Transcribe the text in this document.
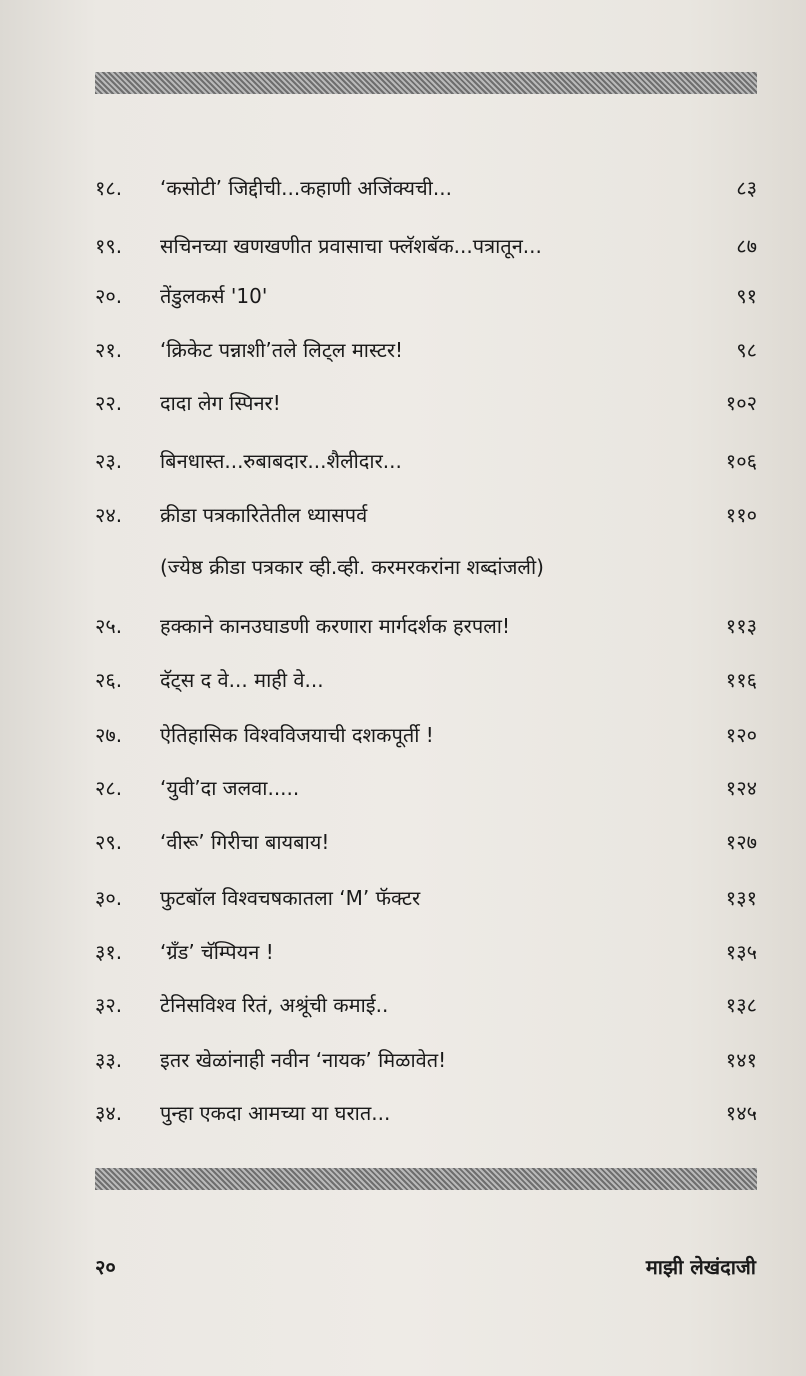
१८.	‘कसोटी’ जिद्दीची...कहाणी अजिंक्यची...	८३
१९.	सचिनच्या खणखणीत प्रवासाचा फ्लॅशबॅक...पत्रातून...	८७
२०.	तेंडुलकर्स '10'	९१
२१.	‘क्रिकेट पन्नाशी’तले लिट्ल मास्टर!	९८
२२.	दादा लेग स्पिनर!	१०२
२३.	बिनधास्त...रुबाबदार...शैलीदार...	१०६
२४.	क्रीडा पत्रकारितेतील ध्यासपर्व	११०
(ज्येष्ठ क्रीडा पत्रकार व्ही.व्ही. करमरकरांना शब्दांजली)
२५.	हक्काने कानउघाडणी करणारा मार्गदर्शक हरपला!	११३
२६.	दॅट्स द वे... माही वे...	११६
२७.	ऐतिहासिक विश्वविजयाची दशकपूर्ती !	१२०
२८.	‘युवी’दा जलवा.....	१२४
२९.	‘वीरू’ गिरीचा बायबाय!	१२७
३०.	फुटबॉल विश्वचषकातला ‘M’ फॅक्टर	१३१
३१.	‘ग्रँड’ चॅम्पियन !	१३५
३२.	टेनिसविश्व रितं, अश्रूंची कमाई..	१३८
३३.	इतर खेळांनाही नवीन ‘नायक’ मिळावेत!	१४१
३४.	पुन्हा एकदा आमच्या या घरात...	१४५
२०	माझी लेखंदाजी
